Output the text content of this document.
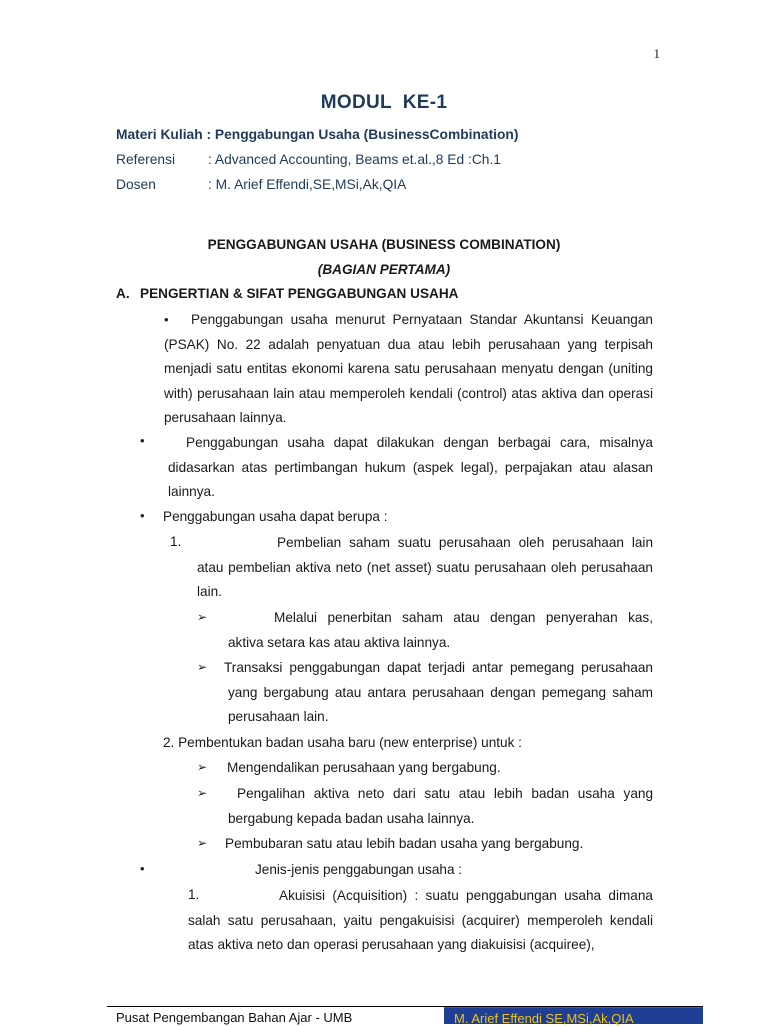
1
MODUL  KE-1
Materi Kuliah : Penggabungan Usaha (BusinessCombination)
Referensi : Advanced Accounting, Beams et.al.,8 Ed :Ch.1
Dosen	: M. Arief Effendi,SE,MSi,Ak,QIA
PENGGABUNGAN USAHA (BUSINESS COMBINATION)
(BAGIAN PERTAMA)
A. PENGERTIAN & SIFAT PENGGABUNGAN USAHA
• Penggabungan usaha menurut Pernyataan Standar Akuntansi Keuangan
(PSAK) No. 22 adalah penyatuan dua atau lebih perusahaan yang terpisah menjadi satu entitas ekonomi karena satu perusahaan menyatu dengan (uniting with) perusahaan lain atau memperoleh kendali (control) atas aktiva dan operasi perusahaan lainnya.
•	Penggabungan usaha dapat dilakukan dengan berbagai cara, misalnya
didasarkan atas pertimbangan hukum (aspek legal), perpajakan atau alasan lainnya.
• Penggabungan usaha dapat berupa :
1.	Pembelian saham suatu perusahaan oleh perusahaan lain
atau pembelian aktiva neto (net asset) suatu perusahaan oleh perusahaan lain.
➢	Melalui penerbitan saham atau dengan penyerahan kas,
aktiva setara kas atau aktiva lainnya.
➢ Transaksi penggabungan dapat terjadi antar pemegang perusahaan
yang bergabung atau antara perusahaan dengan pemegang saham perusahaan lain.
2. Pembentukan badan usaha baru (new enterprise) untuk :
➢ Mengendalikan perusahaan yang bergabung.
➢	Pengalihan aktiva neto dari satu atau lebih badan usaha yang
bergabung kepada badan usaha lainnya.
➢ Pembubaran satu atau lebih badan usaha yang bergabung.
•	Jenis-jenis penggabungan usaha :
1.	Akuisisi (Acquisition) : suatu penggabungan usaha dimana
salah satu perusahaan, yaitu pengakuisisi (acquirer) memperoleh kendali atas aktiva neto dan operasi perusahaan yang diakuisisi (acquiree),
Pusat Pengembangan Bahan Ajar - UMB	M. Arief Effendi SE,MSi,Ak,QIA
